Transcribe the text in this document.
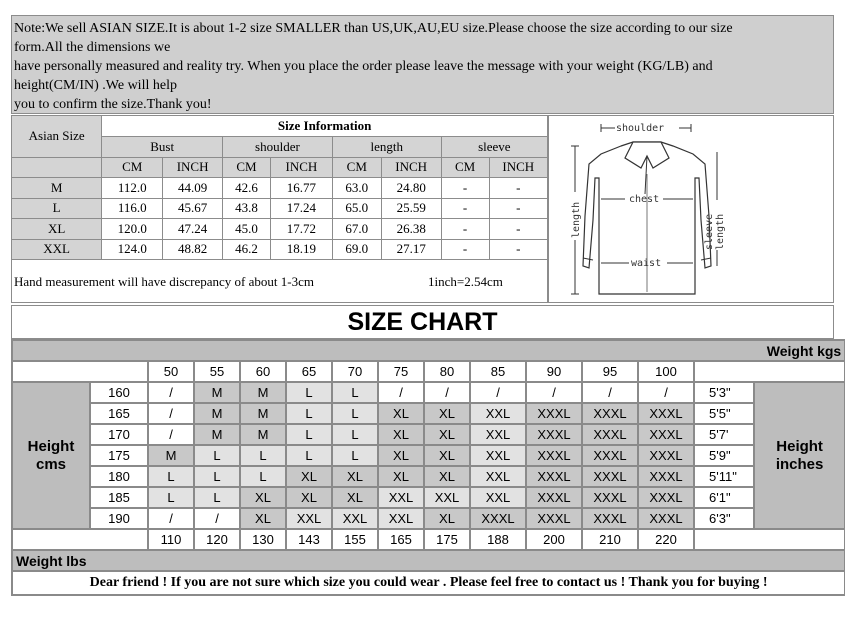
Note:We sell ASIAN SIZE.It is about 1-2 size SMALLER than US,UK,AU,EU size.Please choose the size according to our size
form.All the dimensions we
have personally measured and reality try. When you place the order please leave the message with your weight (KG/LB) and
height(CM/IN) .We will help
you to confirm the size.Thank you!
Asian Size	Size Information							
	Bust		shoulder		length		sleeve	
	CM	INCH	CM	INCH	CM	INCH	CM	INCH
M	112.0	44.09	42.6	16.77	63.0	24.80	-	-
L	116.0	45.67	43.8	17.24	65.0	25.59	-	-
XL	120.0	47.24	45.0	17.72	67.0	26.38	-	-
XXL	124.0	48.82	46.2	18.19	69.0	27.17	-	-
Hand measurement will have discrepancy of about 1-3cm	1inch=2.54cm
shoulder
chest
waist
length	sleeve length
SIZE CHART
Weight kgs														
		50	55	60	65	70	75	80	85	90	95	100		
Height
cms	160	/	M	M	L	L	/	/	/	/	/	/	5'3"	Height
inches
	165	/	M	M	L	L	XL	XL	XXL	XXXL	XXXL	XXXL	5'5"	
	170	/	M	M	L	L	XL	XL	XXL	XXXL	XXXL	XXXL	5'7'	
	175	M	L	L	L	L	XL	XL	XXL	XXXL	XXXL	XXXL	5'9"	
	180	L	L	L	XL	XL	XL	XL	XXL	XXXL	XXXL	XXXL	5'11"	
	185	L	L	XL	XL	XL	XXL	XXL	XXL	XXXL	XXXL	XXXL	6'1"	
	190	/	/	XL	XXL	XXL	XXL	XL	XXXL	XXXL	XXXL	XXXL	6'3"	
		110	120	130	143	155	165	175	188	200	210	220		
Weight lbs														
Dear friend ! If you are not sure which size you could wear . Please feel free to contact us ! Thank you for buying !														
